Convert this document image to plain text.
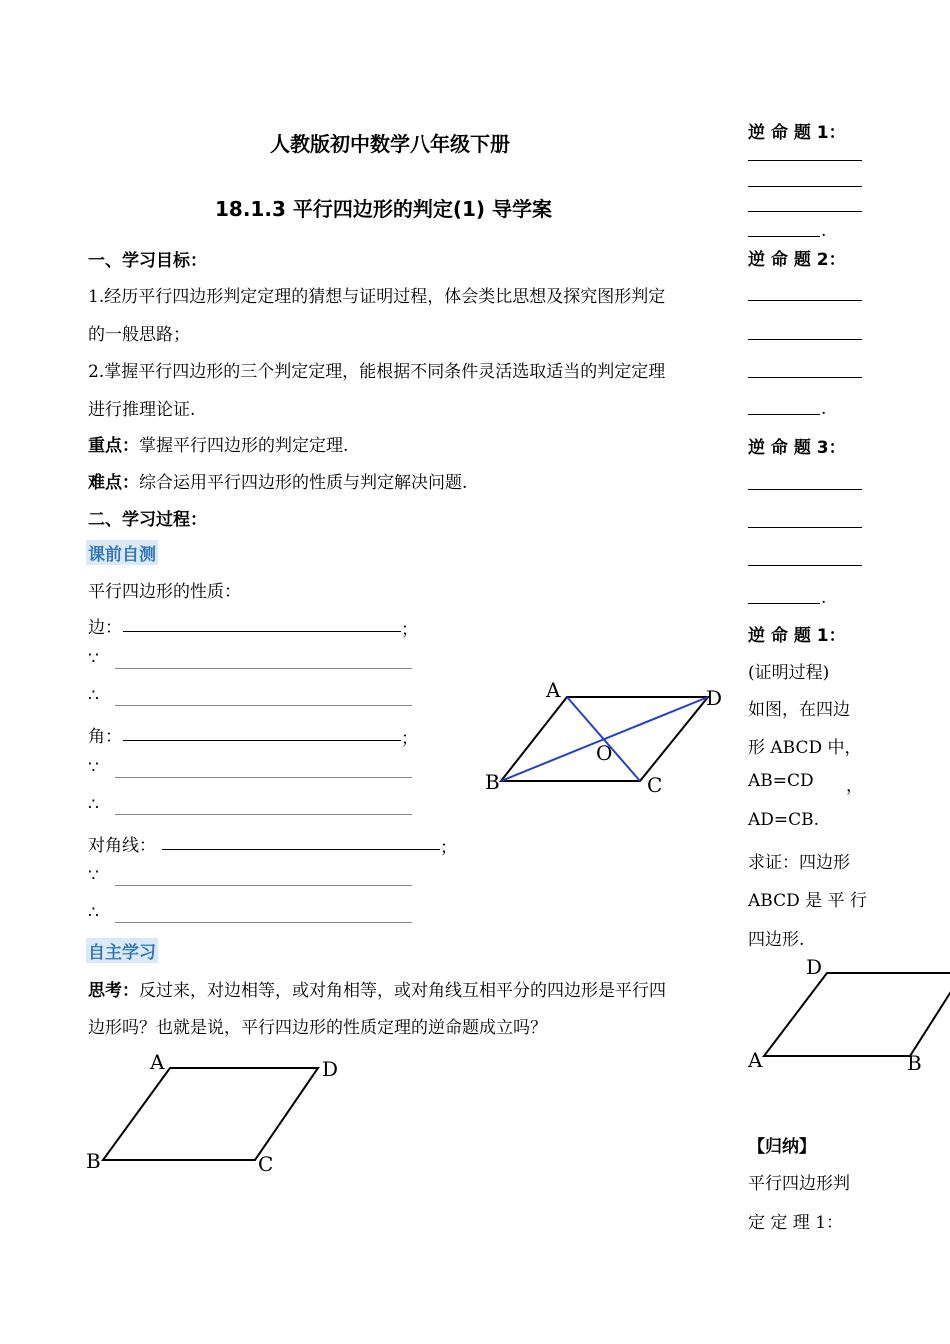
人教版初中数学八年级下册
18.1.3 平行四边形的判定(1) 导学案
一、学习目标：
1.经历平行四边形判定定理的猜想与证明过程，体会类比思想及探究图形判定
的一般思路；
2.掌握平行四边形的三个判定定理，能根据不同条件灵活选取适当的判定定理
进行推理论证.
重点：掌握平行四边形的判定定理.
难点：综合运用平行四边形的性质与判定解决问题.
二、学习过程：
课前自测
平行四边形的性质：
边：	；
∵
∴
角：	；
∵
∴
对角线：	；
∵
∴
A	D
O
B	C
自主学习
思考：反过来，对边相等，或对角相等，或对角线互相平分的四边形是平行四
边形吗？也就是说，平行四边形的性质定理的逆命题成立吗？
A	D
B	C
逆 命 题 1：
.
逆 命 题 2：
.
逆 命 题 3：
.
逆 命 题 1：
(证明过程)
如图，在四边
形 ABCD 中，
AB=CD ，
AD=CB.
求证：四边形
ABCD 是 平 行
四边形.
D
A	B
【归纳】
平行四边形判
定 定 理 1：
